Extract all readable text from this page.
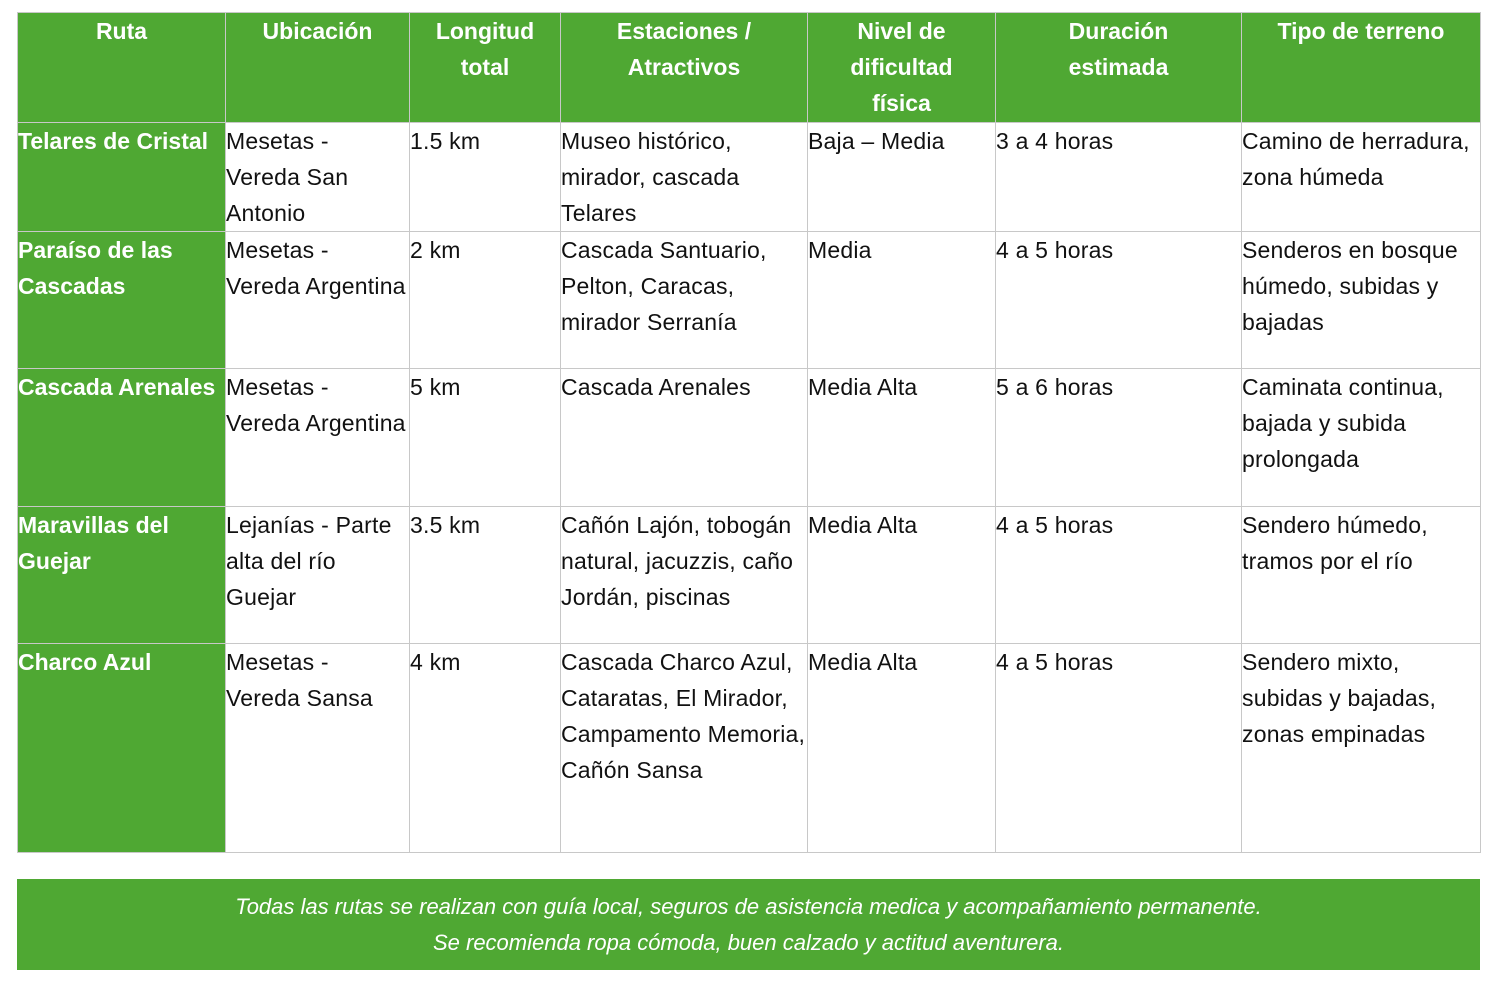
Ruta	Ubicación	Longitud total	Estaciones / Atractivos	Nivel de dificultad física	Duración estimada	Tipo de terreno
Telares de Cristal	Mesetas - Vereda San Antonio	1.5 km	Museo histórico, mirador, cascada Telares	Baja – Media	3 a 4 horas	Camino de herradura, zona húmeda
Paraíso de las Cascadas	Mesetas - Vereda Argentina	2 km	Cascada Santuario, Pelton, Caracas, mirador Serranía	Media	4 a 5 horas	Senderos en bosque húmedo, subidas y bajadas
Cascada Arenales	Mesetas - Vereda Argentina	5 km	Cascada Arenales	Media Alta	5 a 6 horas	Caminata continua, bajada y subida prolongada
Maravillas del Guejar	Lejanías - Parte alta del río Guejar	3.5 km	Cañón Lajón, tobogán natural, jacuzzis, caño Jordán, piscinas	Media Alta	4 a 5 horas	Sendero húmedo, tramos por el río
Charco Azul	Mesetas - Vereda Sansa	4 km	Cascada Charco Azul, Cataratas, El Mirador, Campamento Memoria, Cañón Sansa	Media Alta	4 a 5 horas	Sendero mixto, subidas y bajadas, zonas empinadas
Todas las rutas se realizan con guía local, seguros de asistencia medica y acompañamiento permanente.
Se recomienda ropa cómoda, buen calzado y actitud aventurera.
